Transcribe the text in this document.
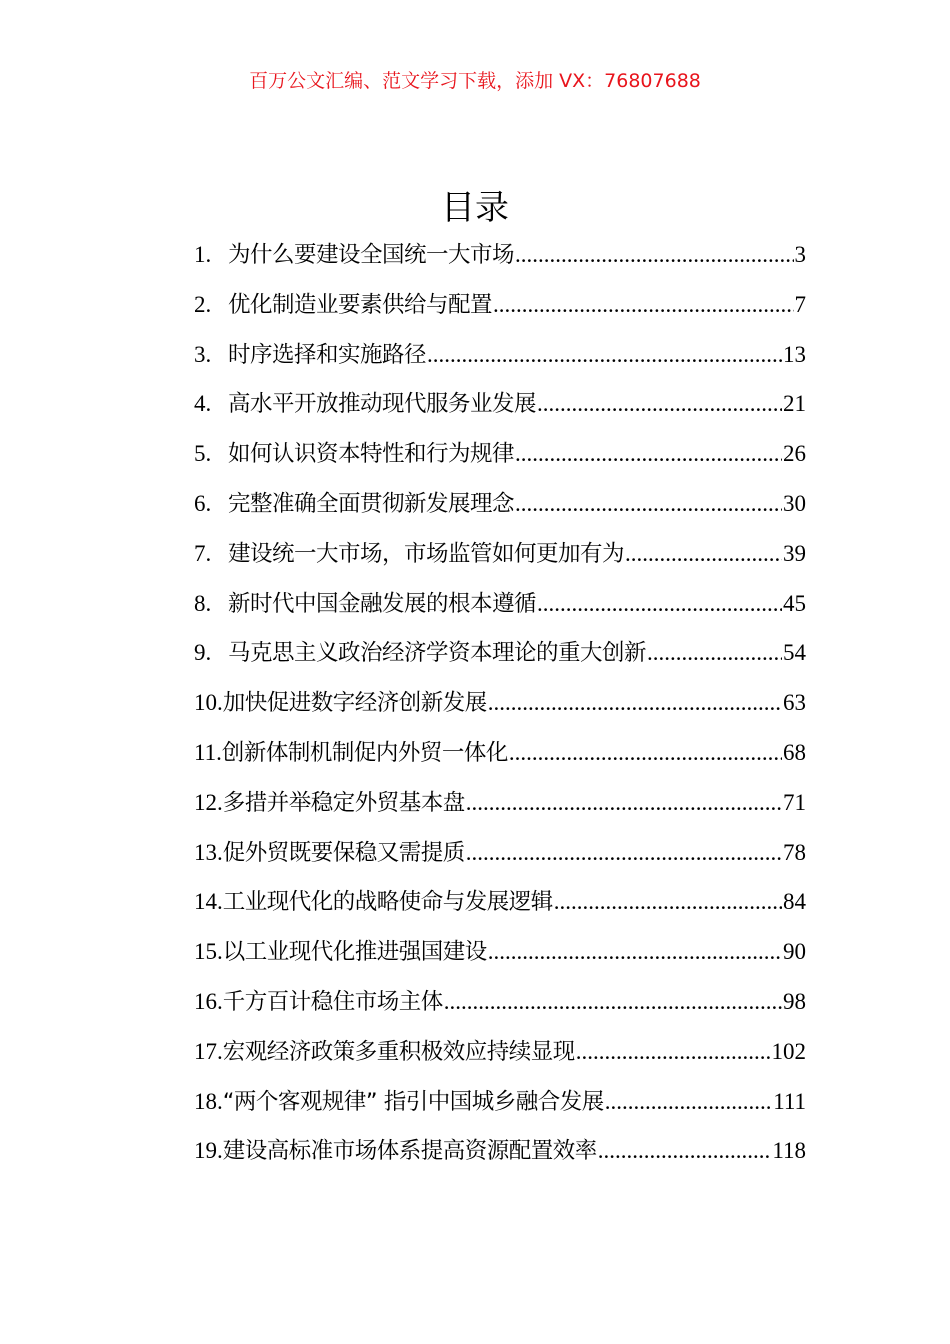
百万公文汇编、范文学习下载，添加 VX：76807688
目录
1. 为什么要建设全国统一大市场 .....	3
2. 优化制造业要素供给与配置 .....	7
3. 时序选择和实施路径 .....	13
4. 高水平开放推动现代服务业发展 .....	21
5. 如何认识资本特性和行为规律 .....	26
6. 完整准确全面贯彻新发展理念 .....	30
7. 建设统一大市场，市场监管如何更加有为 .....	39
8. 新时代中国金融发展的根本遵循 .....	45
9. 马克思主义政治经济学资本理论的重大创新 .....	54
10. 加快促进数字经济创新发展 .....	63
11. 创新体制机制促内外贸一体化 .....	68
12. 多措并举稳定外贸基本盘 .....	71
13. 促外贸既要保稳又需提质 .....	78
14. 工业现代化的战略使命与发展逻辑 .....	84
15. 以工业现代化推进强国建设 .....	90
16. 千方百计稳住市场主体 .....	98
17. 宏观经济政策多重积极效应持续显现 .....	102
18. “两个客观规律” 指引中国城乡融合发展 .....	111
19. 建设高标准市场体系提高资源配置效率 .....	118
